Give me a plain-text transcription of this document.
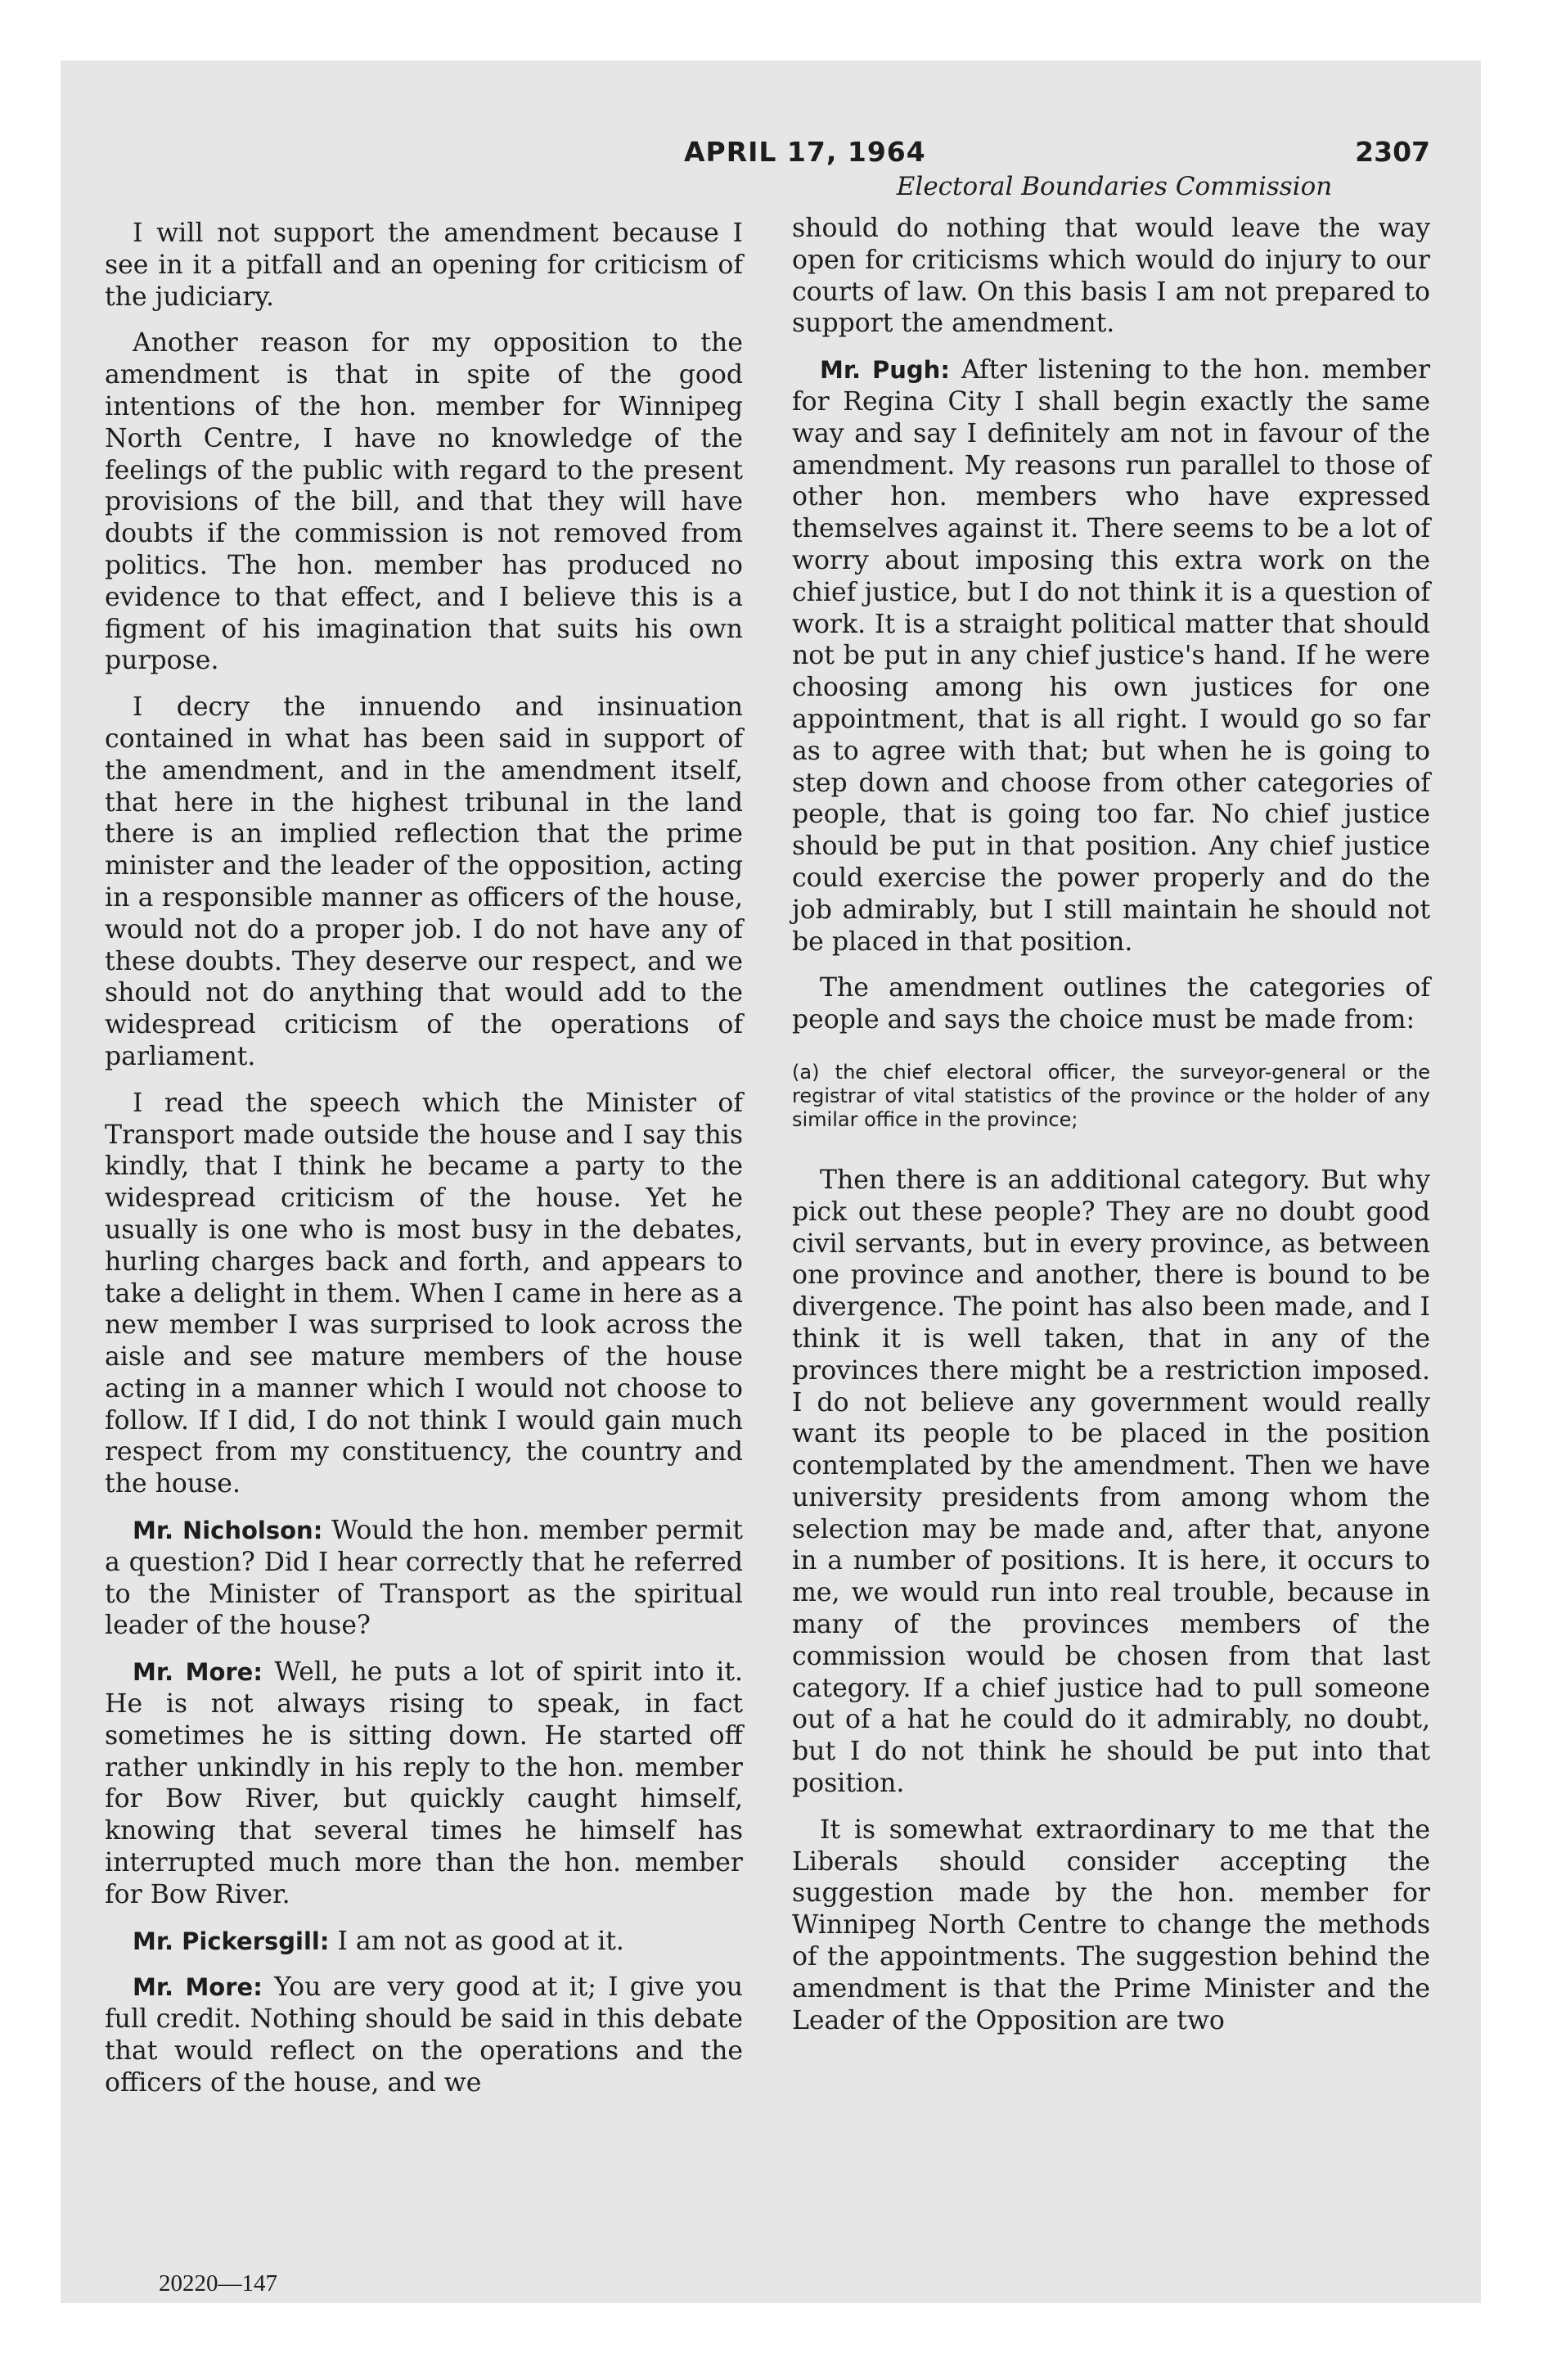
APRIL 17, 1964	2307
Electoral Boundaries Commission

I will not support the amendment because I see in it a pitfall and an opening for criticism of the judiciary.

Another reason for my opposition to the amendment is that in spite of the good intentions of the hon. member for Winnipeg North Centre, I have no knowledge of the feelings of the public with regard to the present provisions of the bill, and that they will have doubts if the commission is not removed from politics. The hon. member has produced no evidence to that effect, and I believe this is a figment of his imagination that suits his own purpose.

I decry the innuendo and insinuation contained in what has been said in support of the amendment, and in the amendment itself, that here in the highest tribunal in the land there is an implied reflection that the prime minister and the leader of the opposition, acting in a responsible manner as officers of the house, would not do a proper job. I do not have any of these doubts. They deserve our respect, and we should not do anything that would add to the widespread criticism of the operations of parliament.

I read the speech which the Minister of Transport made outside the house and I say this kindly, that I think he became a party to the widespread criticism of the house. Yet he usually is one who is most busy in the debates, hurling charges back and forth, and appears to take a delight in them. When I came in here as a new member I was surprised to look across the aisle and see mature members of the house acting in a manner which I would not choose to follow. If I did, I do not think I would gain much respect from my constituency, the country and the house.

Mr. Nicholson: Would the hon. member permit a question? Did I hear correctly that he referred to the Minister of Transport as the spiritual leader of the house?

Mr. More: Well, he puts a lot of spirit into it. He is not always rising to speak, in fact sometimes he is sitting down. He started off rather unkindly in his reply to the hon. member for Bow River, but quickly caught himself, knowing that several times he himself has interrupted much more than the hon. member for Bow River.

Mr. Pickersgill: I am not as good at it.

Mr. More: You are very good at it; I give you full credit. Nothing should be said in this debate that would reflect on the operations and the officers of the house, and we

should do nothing that would leave the way open for criticisms which would do injury to our courts of law. On this basis I am not prepared to support the amendment.

Mr. Pugh: After listening to the hon. member for Regina City I shall begin exactly the same way and say I definitely am not in favour of the amendment. My reasons run parallel to those of other hon. members who have expressed themselves against it. There seems to be a lot of worry about imposing this extra work on the chief justice, but I do not think it is a question of work. It is a straight political matter that should not be put in any chief justice's hand. If he were choosing among his own justices for one appointment, that is all right. I would go so far as to agree with that; but when he is going to step down and choose from other categories of people, that is going too far. No chief justice should be put in that position. Any chief justice could exercise the power properly and do the job admirably, but I still maintain he should not be placed in that position.

The amendment outlines the categories of people and says the choice must be made from:

(a) the chief electoral officer, the surveyor-general or the registrar of vital statistics of the province or the holder of any similar office in the province;

Then there is an additional category. But why pick out these people? They are no doubt good civil servants, but in every province, as between one province and another, there is bound to be divergence. The point has also been made, and I think it is well taken, that in any of the provinces there might be a restriction imposed. I do not believe any government would really want its people to be placed in the position contemplated by the amendment. Then we have university presidents from among whom the selection may be made and, after that, anyone in a number of positions. It is here, it occurs to me, we would run into real trouble, because in many of the provinces members of the commission would be chosen from that last category. If a chief justice had to pull someone out of a hat he could do it admirably, no doubt, but I do not think he should be put into that position.

It is somewhat extraordinary to me that the Liberals should consider accepting the suggestion made by the hon. member for Winnipeg North Centre to change the methods of the appointments. The suggestion behind the amendment is that the Prime Minister and the Leader of the Opposition are two

20220—147
